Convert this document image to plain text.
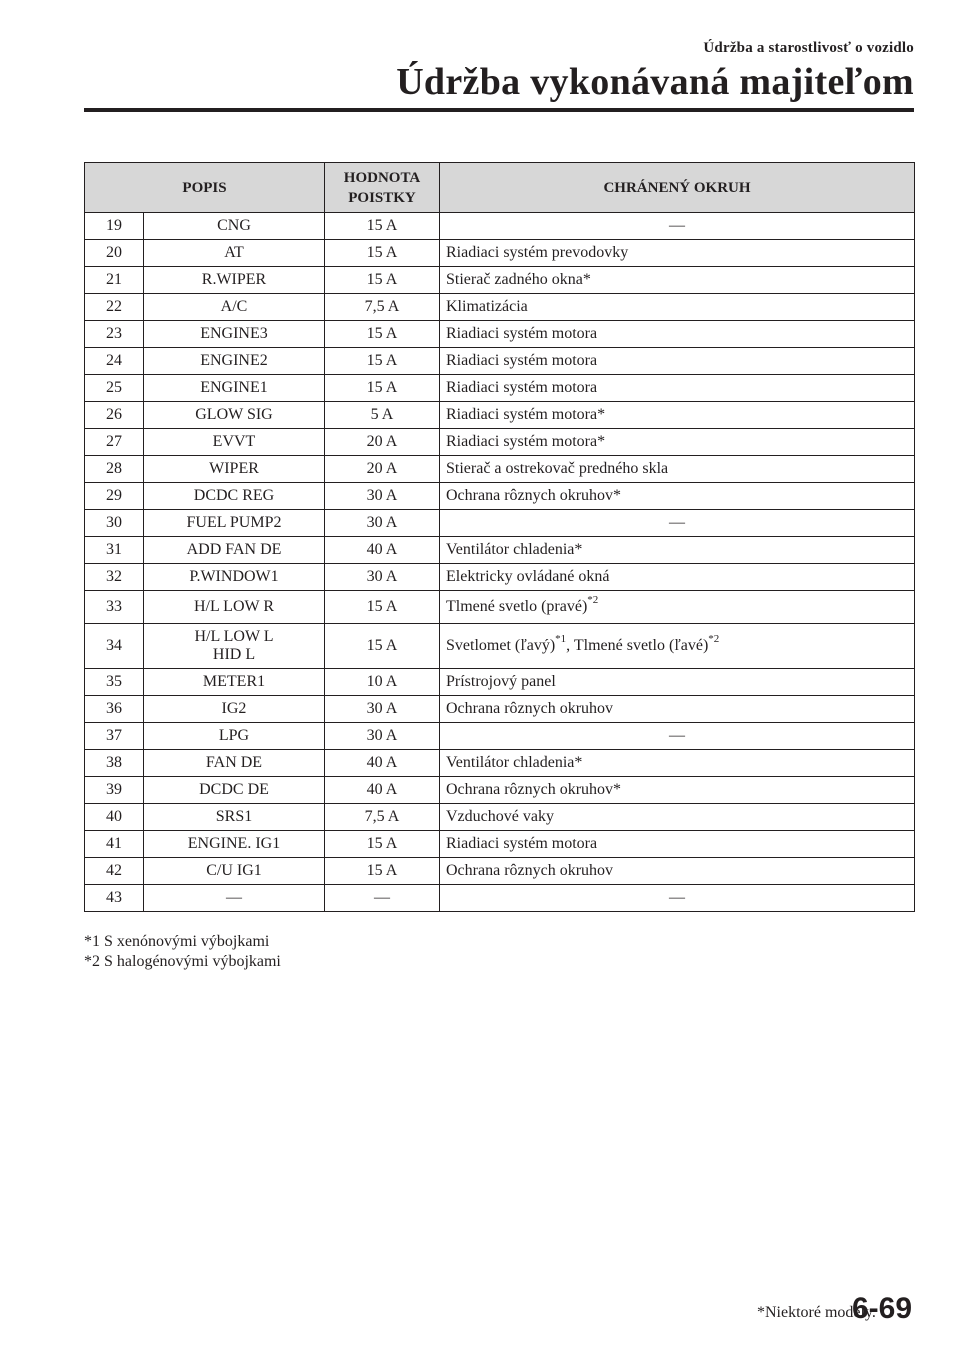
Údržba a starostlivosť o vozidlo
Údržba vykonávaná majiteľom
POPIS		HODNOTA
POISTKY	CHRÁNENÝ OKRUH
19	CNG	15 A	—
20	AT	15 A	Riadiaci systém prevodovky
21	R.WIPER	15 A	Stierač zadného okna*
22	A/C	7,5 A	Klimatizácia
23	ENGINE3	15 A	Riadiaci systém motora
24	ENGINE2	15 A	Riadiaci systém motora
25	ENGINE1	15 A	Riadiaci systém motora
26	GLOW SIG	5 A	Riadiaci systém motora*
27	EVVT	20 A	Riadiaci systém motora*
28	WIPER	20 A	Stierač a ostrekovač predného skla
29	DCDC REG	30 A	Ochrana rôznych okruhov*
30	FUEL PUMP2	30 A	—
31	ADD FAN DE	40 A	Ventilátor chladenia*
32	P.WINDOW1	30 A	Elektricky ovládané okná
33	H/L LOW R	15 A	Tlmené svetlo (pravé)$^{*2}$
34	H/L LOW L
HID L	15 A	Svetlomet (ľavý)$^{*1}$, Tlmené svetlo (ľavé)$^{*2}$
35	METER1	10 A	Prístrojový panel
36	IG2	30 A	Ochrana rôznych okruhov
37	LPG	30 A	—
38	FAN DE	40 A	Ventilátor chladenia*
39	DCDC DE	40 A	Ochrana rôznych okruhov*
40	SRS1	7,5 A	Vzduchové vaky
41	ENGINE. IG1	15 A	Riadiaci systém motora
42	C/U IG1	15 A	Ochrana rôznych okruhov
43	—	—	—
*1 S xenónovými výbojkami
*2 S halogénovými výbojkami
*Niektoré modely.
6-69
